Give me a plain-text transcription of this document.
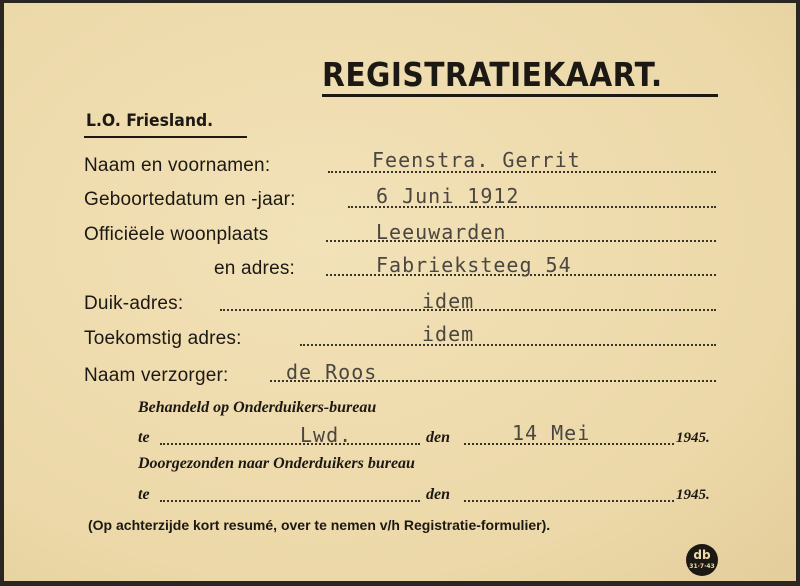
REGISTRATIEKAART.
L.O. Friesland.
Naam en voornamen:	Feenstra. Gerrit
Geboortedatum en -jaar:	6 Juni 1912
Officiëele woonplaats	Leeuwarden
en adres:	Fabrieksteeg 54
Duik-adres:	idem
Toekomstig adres:	idem
Naam verzorger:	de Roos
Behandeld op Onderduikers-bureau
te	Lwd.	den	14 Mei	1945.
Doorgezonden naar Onderduikers bureau
te	den	1945.
(Op achterzijde kort resumé, over te nemen v/h Registratie-formulier).
db
31·7·43
